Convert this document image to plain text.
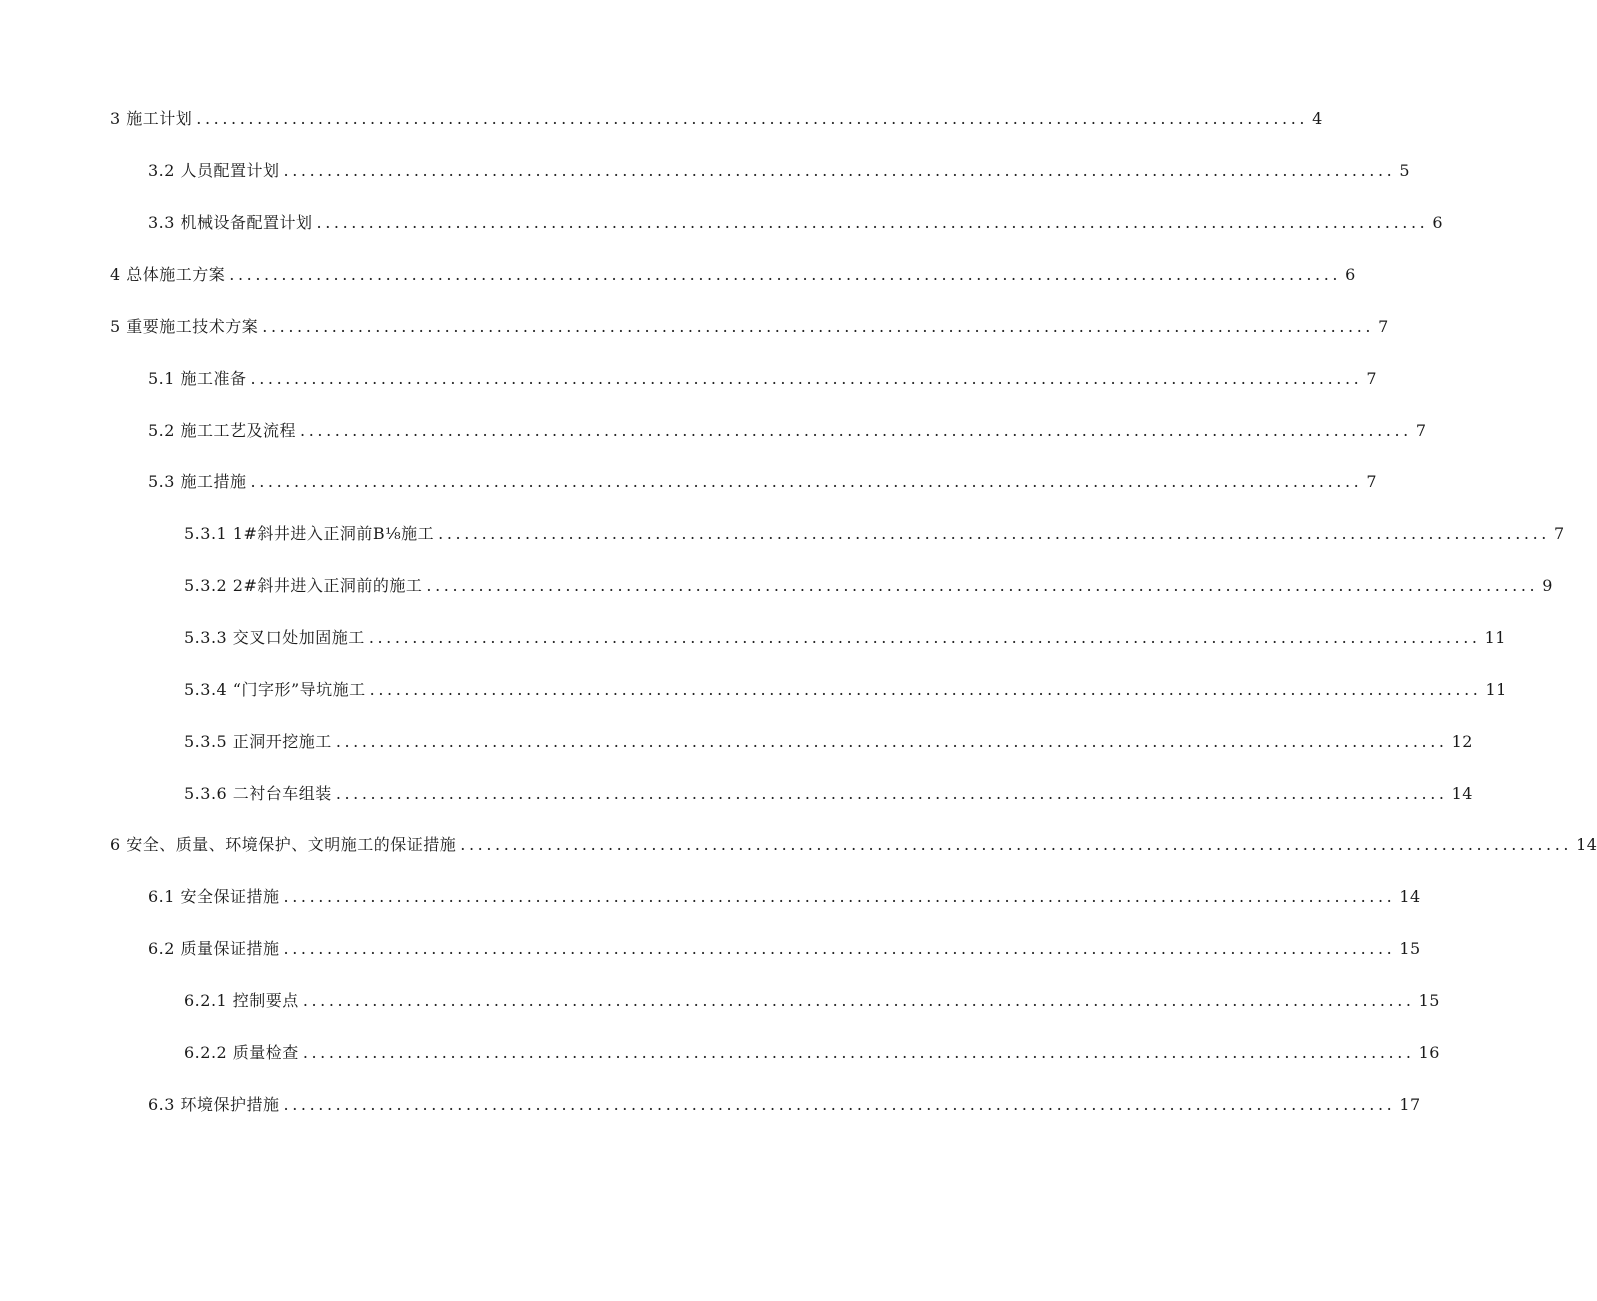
3 施工计划 ................................................................................................................................ 4
3.2 人员配置计划 ................................................................................................................................ 5
3.3 机械设备配置计划 ................................................................................................................................ 6
4 总体施工方案 ................................................................................................................................ 6
5 重要施工技术方案 ................................................................................................................................ 7
5.1 施工准备 ................................................................................................................................ 7
5.2 施工工艺及流程 ................................................................................................................................ 7
5.3 施工措施 ................................................................................................................................ 7
5.3.1 1#斜井进入正洞前B⅛施工 ................................................................................................................................ 7
5.3.2 2#斜井进入正洞前的施工 ................................................................................................................................ 9
5.3.3 交叉口处加固施工 ................................................................................................................................ 11
5.3.4 “门字形”导坑施工 ................................................................................................................................ 11
5.3.5 正洞开挖施工 ................................................................................................................................ 12
5.3.6 二衬台车组装 ................................................................................................................................ 14
6 安全、质量、环境保护、文明施工的保证措施 ................................................................................................................................ 14
6.1 安全保证措施 ................................................................................................................................ 14
6.2 质量保证措施 ................................................................................................................................ 15
6.2.1 控制要点 ................................................................................................................................ 15
6.2.2 质量检查 ................................................................................................................................ 16
6.3 环境保护措施 ................................................................................................................................ 17
